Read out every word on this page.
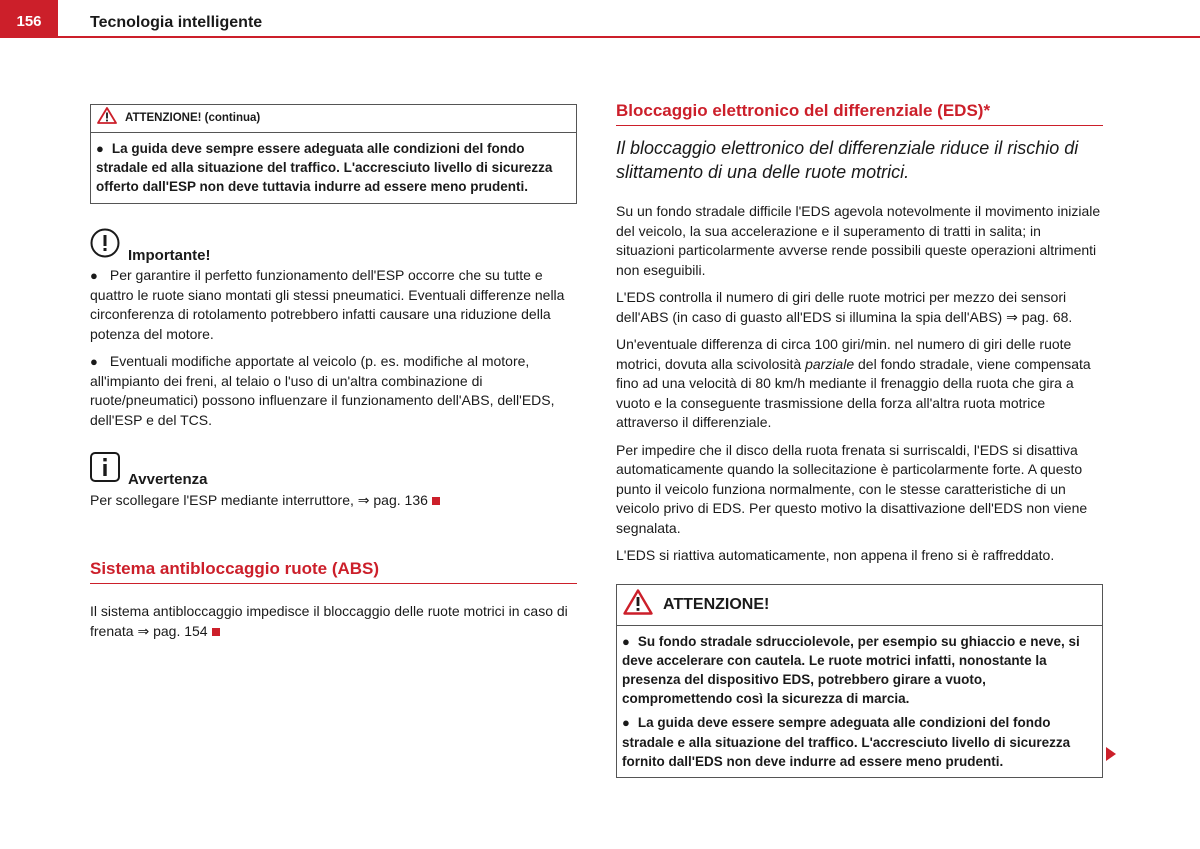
156	Tecnologia intelligente
ATTENZIONE! (continua)

● La guida deve sempre essere adeguata alle condizioni del fondo stradale ed alla situazione del traffico. L'accresciuto livello di sicurezza offerto dall'ESP non deve tuttavia indurre ad essere meno prudenti.

Importante!

● Per garantire il perfetto funzionamento dell'ESP occorre che su tutte e quattro le ruote siano montati gli stessi pneumatici. Eventuali differenze nella circonferenza di rotolamento potrebbero infatti causare una riduzione della potenza del motore.

● Eventuali modifiche apportate al veicolo (p. es. modifiche al motore, all'impianto dei freni, al telaio o l'uso di un'altra combinazione di ruote/pneumatici) possono influenzare il funzionamento dell'ABS, dell'EDS, dell'ESP e del TCS.

Avvertenza

Per scollegare l'ESP mediante interruttore, ⇒ pag. 136

Sistema antibloccaggio ruote (ABS)

Il sistema antibloccaggio impedisce il bloccaggio delle ruote motrici in caso di frenata ⇒ pag. 154

Bloccaggio elettronico del differenziale (EDS)*
Il bloccaggio elettronico del differenziale riduce il rischio di slittamento di una delle ruote motrici.

Su un fondo stradale difficile l'EDS agevola notevolmente il movimento iniziale del veicolo, la sua accelerazione e il superamento di tratti in salita; in situazioni particolarmente avverse rende possibili queste operazioni altrimenti non eseguibili.

L'EDS controlla il numero di giri delle ruote motrici per mezzo dei sensori dell'ABS (in caso di guasto all'EDS si illumina la spia dell'ABS) ⇒ pag. 68.

Un'eventuale differenza di circa 100 giri/min. nel numero di giri delle ruote motrici, dovuta alla scivolosità parziale del fondo stradale, viene compensata fino ad una velocità di 80 km/h mediante il frenaggio della ruota che gira a vuoto e la conseguente trasmissione della forza all'altra ruota motrice attraverso il differenziale.

Per impedire che il disco della ruota frenata si surriscaldi, l'EDS si disattiva automaticamente quando la sollecitazione è particolarmente forte. A questo punto il veicolo funziona normalmente, con le stesse caratteristiche di un veicolo privo di EDS. Per questo motivo la disattivazione dell'EDS non viene segnalata.

L'EDS si riattiva automaticamente, non appena il freno si è raffreddato.

ATTENZIONE!

● Su fondo stradale sdrucciolevole, per esempio su ghiaccio e neve, si deve accelerare con cautela. Le ruote motrici infatti, nonostante la presenza del dispositivo EDS, potrebbero girare a vuoto, compromettendo così la sicurezza di marcia.

● La guida deve essere sempre adeguata alle condizioni del fondo stradale e alla situazione del traffico. L'accresciuto livello di sicurezza fornito dall'EDS non deve indurre ad essere meno prudenti.
